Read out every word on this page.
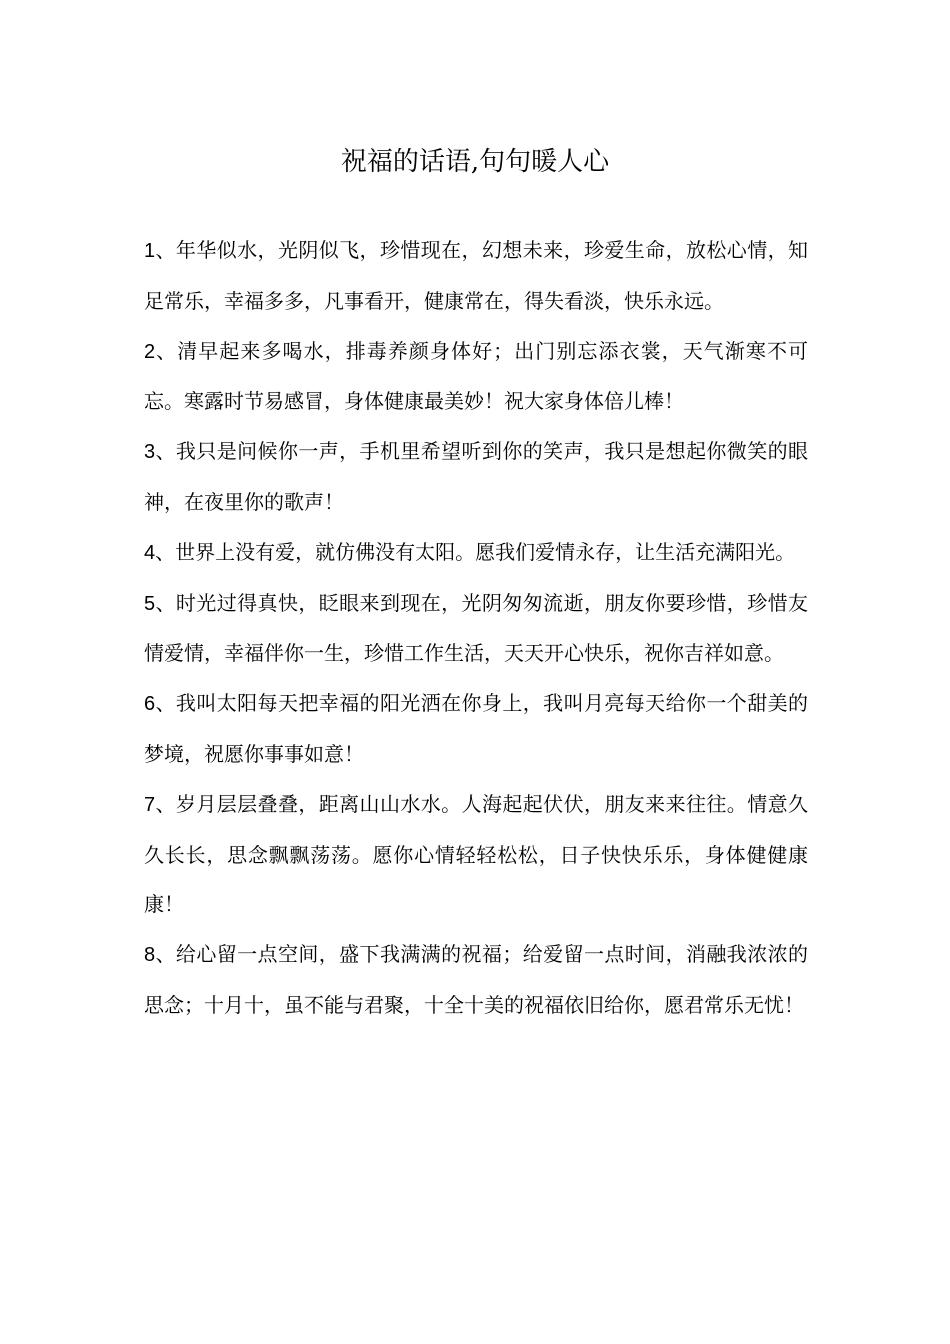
祝福的话语,句句暖人心

1、年华似水，光阴似飞，珍惜现在，幻想未来，珍爱生命，放松心情，知足常乐，幸福多多，凡事看开，健康常在，得失看淡，快乐永远。

2、清早起来多喝水，排毒养颜身体好；出门别忘添衣裳，天气渐寒不可忘。寒露时节易感冒，身体健康最美妙！祝大家身体倍儿棒！

3、我只是问候你一声，手机里希望听到你的笑声，我只是想起你微笑的眼神，在夜里你的歌声！

4、世界上没有爱，就仿佛没有太阳。愿我们爱情永存，让生活充满阳光。

5、时光过得真快，眨眼来到现在，光阴匆匆流逝，朋友你要珍惜，珍惜友情爱情，幸福伴你一生，珍惜工作生活，天天开心快乐，祝你吉祥如意。

6、我叫太阳每天把幸福的阳光洒在你身上，我叫月亮每天给你一个甜美的梦境，祝愿你事事如意！

7、岁月层层叠叠，距离山山水水。人海起起伏伏，朋友来来往往。情意久久长长，思念飘飘荡荡。愿你心情轻轻松松，日子快快乐乐，身体健健康康！

8、给心留一点空间，盛下我满满的祝福；给爱留一点时间，消融我浓浓的思念；十月十，虽不能与君聚，十全十美的祝福依旧给你，愿君常乐无忧！
